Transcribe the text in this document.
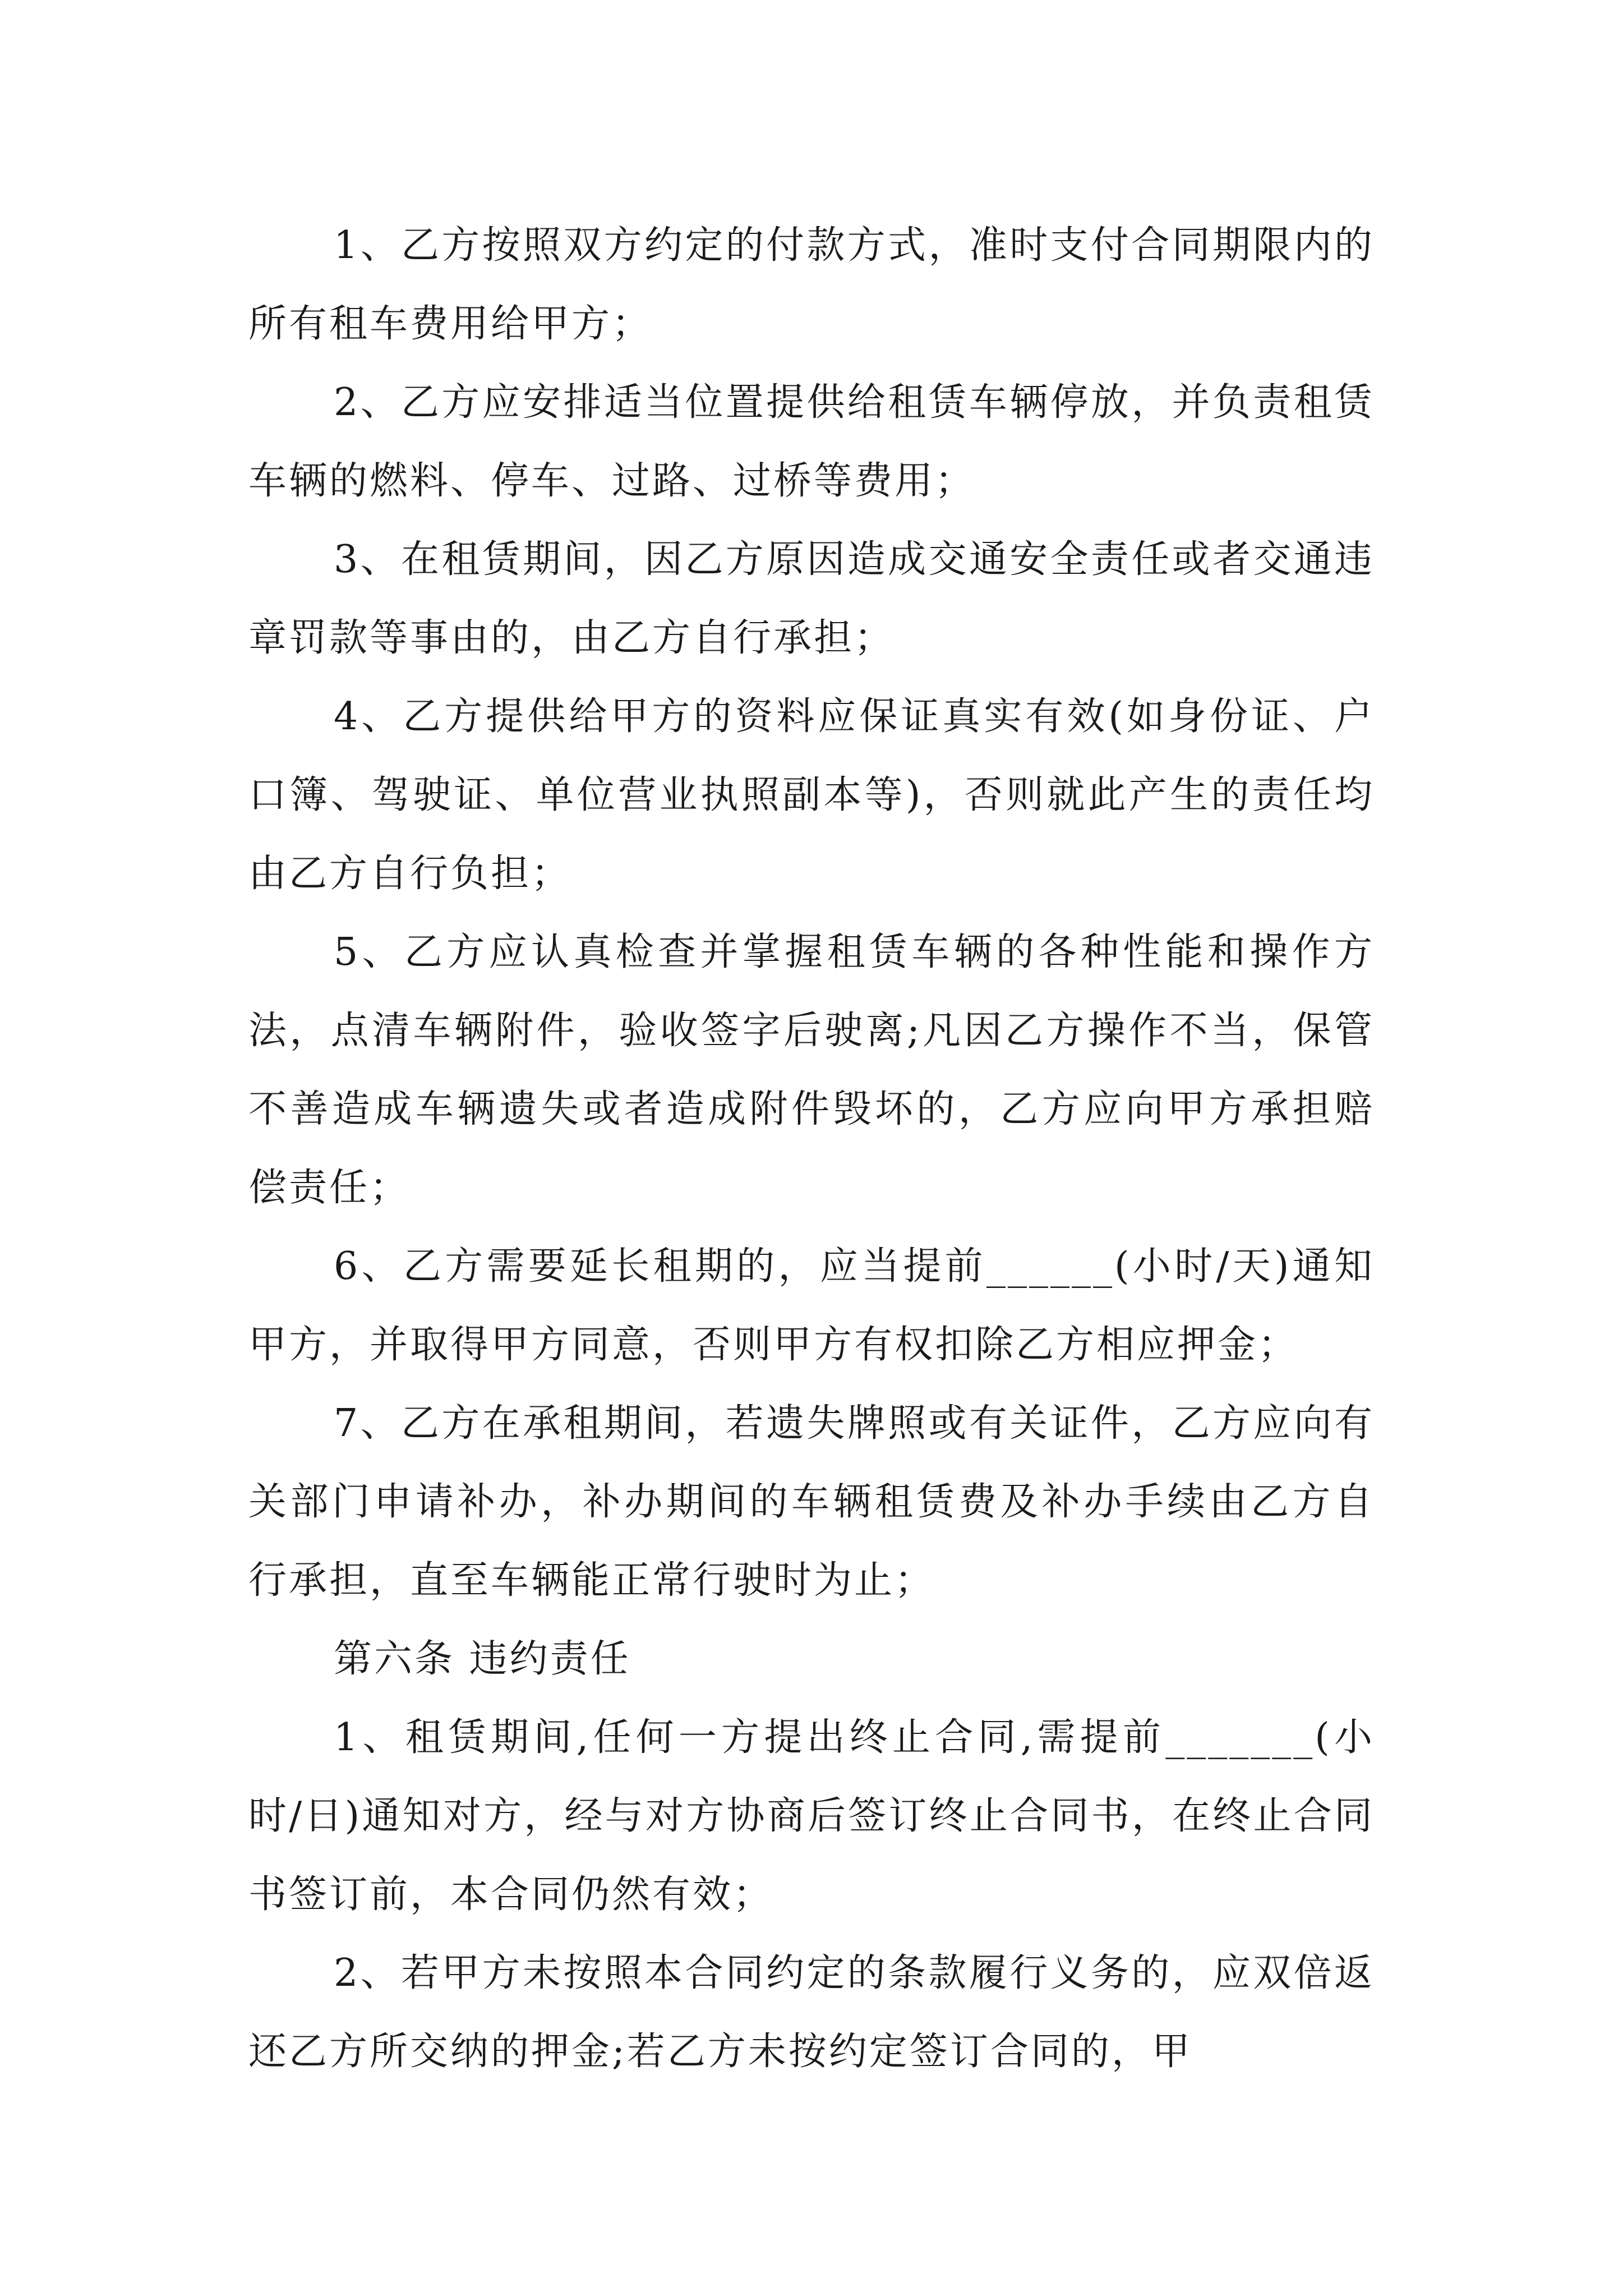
1、乙方按照双方约定的付款方式，准时支付合同期限内的所有租车费用给甲方；

2、乙方应安排适当位置提供给租赁车辆停放，并负责租赁车辆的燃料、停车、过路、过桥等费用；

3、在租赁期间，因乙方原因造成交通安全责任或者交通违章罚款等事由的，由乙方自行承担；

4、乙方提供给甲方的资料应保证真实有效(如身份证、户口簿、驾驶证、单位营业执照副本等)，否则就此产生的责任均由乙方自行负担；

5、乙方应认真检查并掌握租赁车辆的各种性能和操作方法，点清车辆附件，验收签字后驶离;凡因乙方操作不当，保管不善造成车辆遗失或者造成附件毁坏的，乙方应向甲方承担赔偿责任；

6、乙方需要延长租期的，应当提前______(小时/天)通知甲方，并取得甲方同意，否则甲方有权扣除乙方相应押金；

7、乙方在承租期间，若遗失牌照或有关证件，乙方应向有关部门申请补办，补办期间的车辆租赁费及补办手续由乙方自行承担，直至车辆能正常行驶时为止；

第六条 违约责任

1、租赁期间,任何一方提出终止合同,需提前_______(小时/日)通知对方，经与对方协商后签订终止合同书，在终止合同书签订前，本合同仍然有效；

2、若甲方未按照本合同约定的条款履行义务的，应双倍返还乙方所交纳的押金;若乙方未按约定签订合同的，甲
